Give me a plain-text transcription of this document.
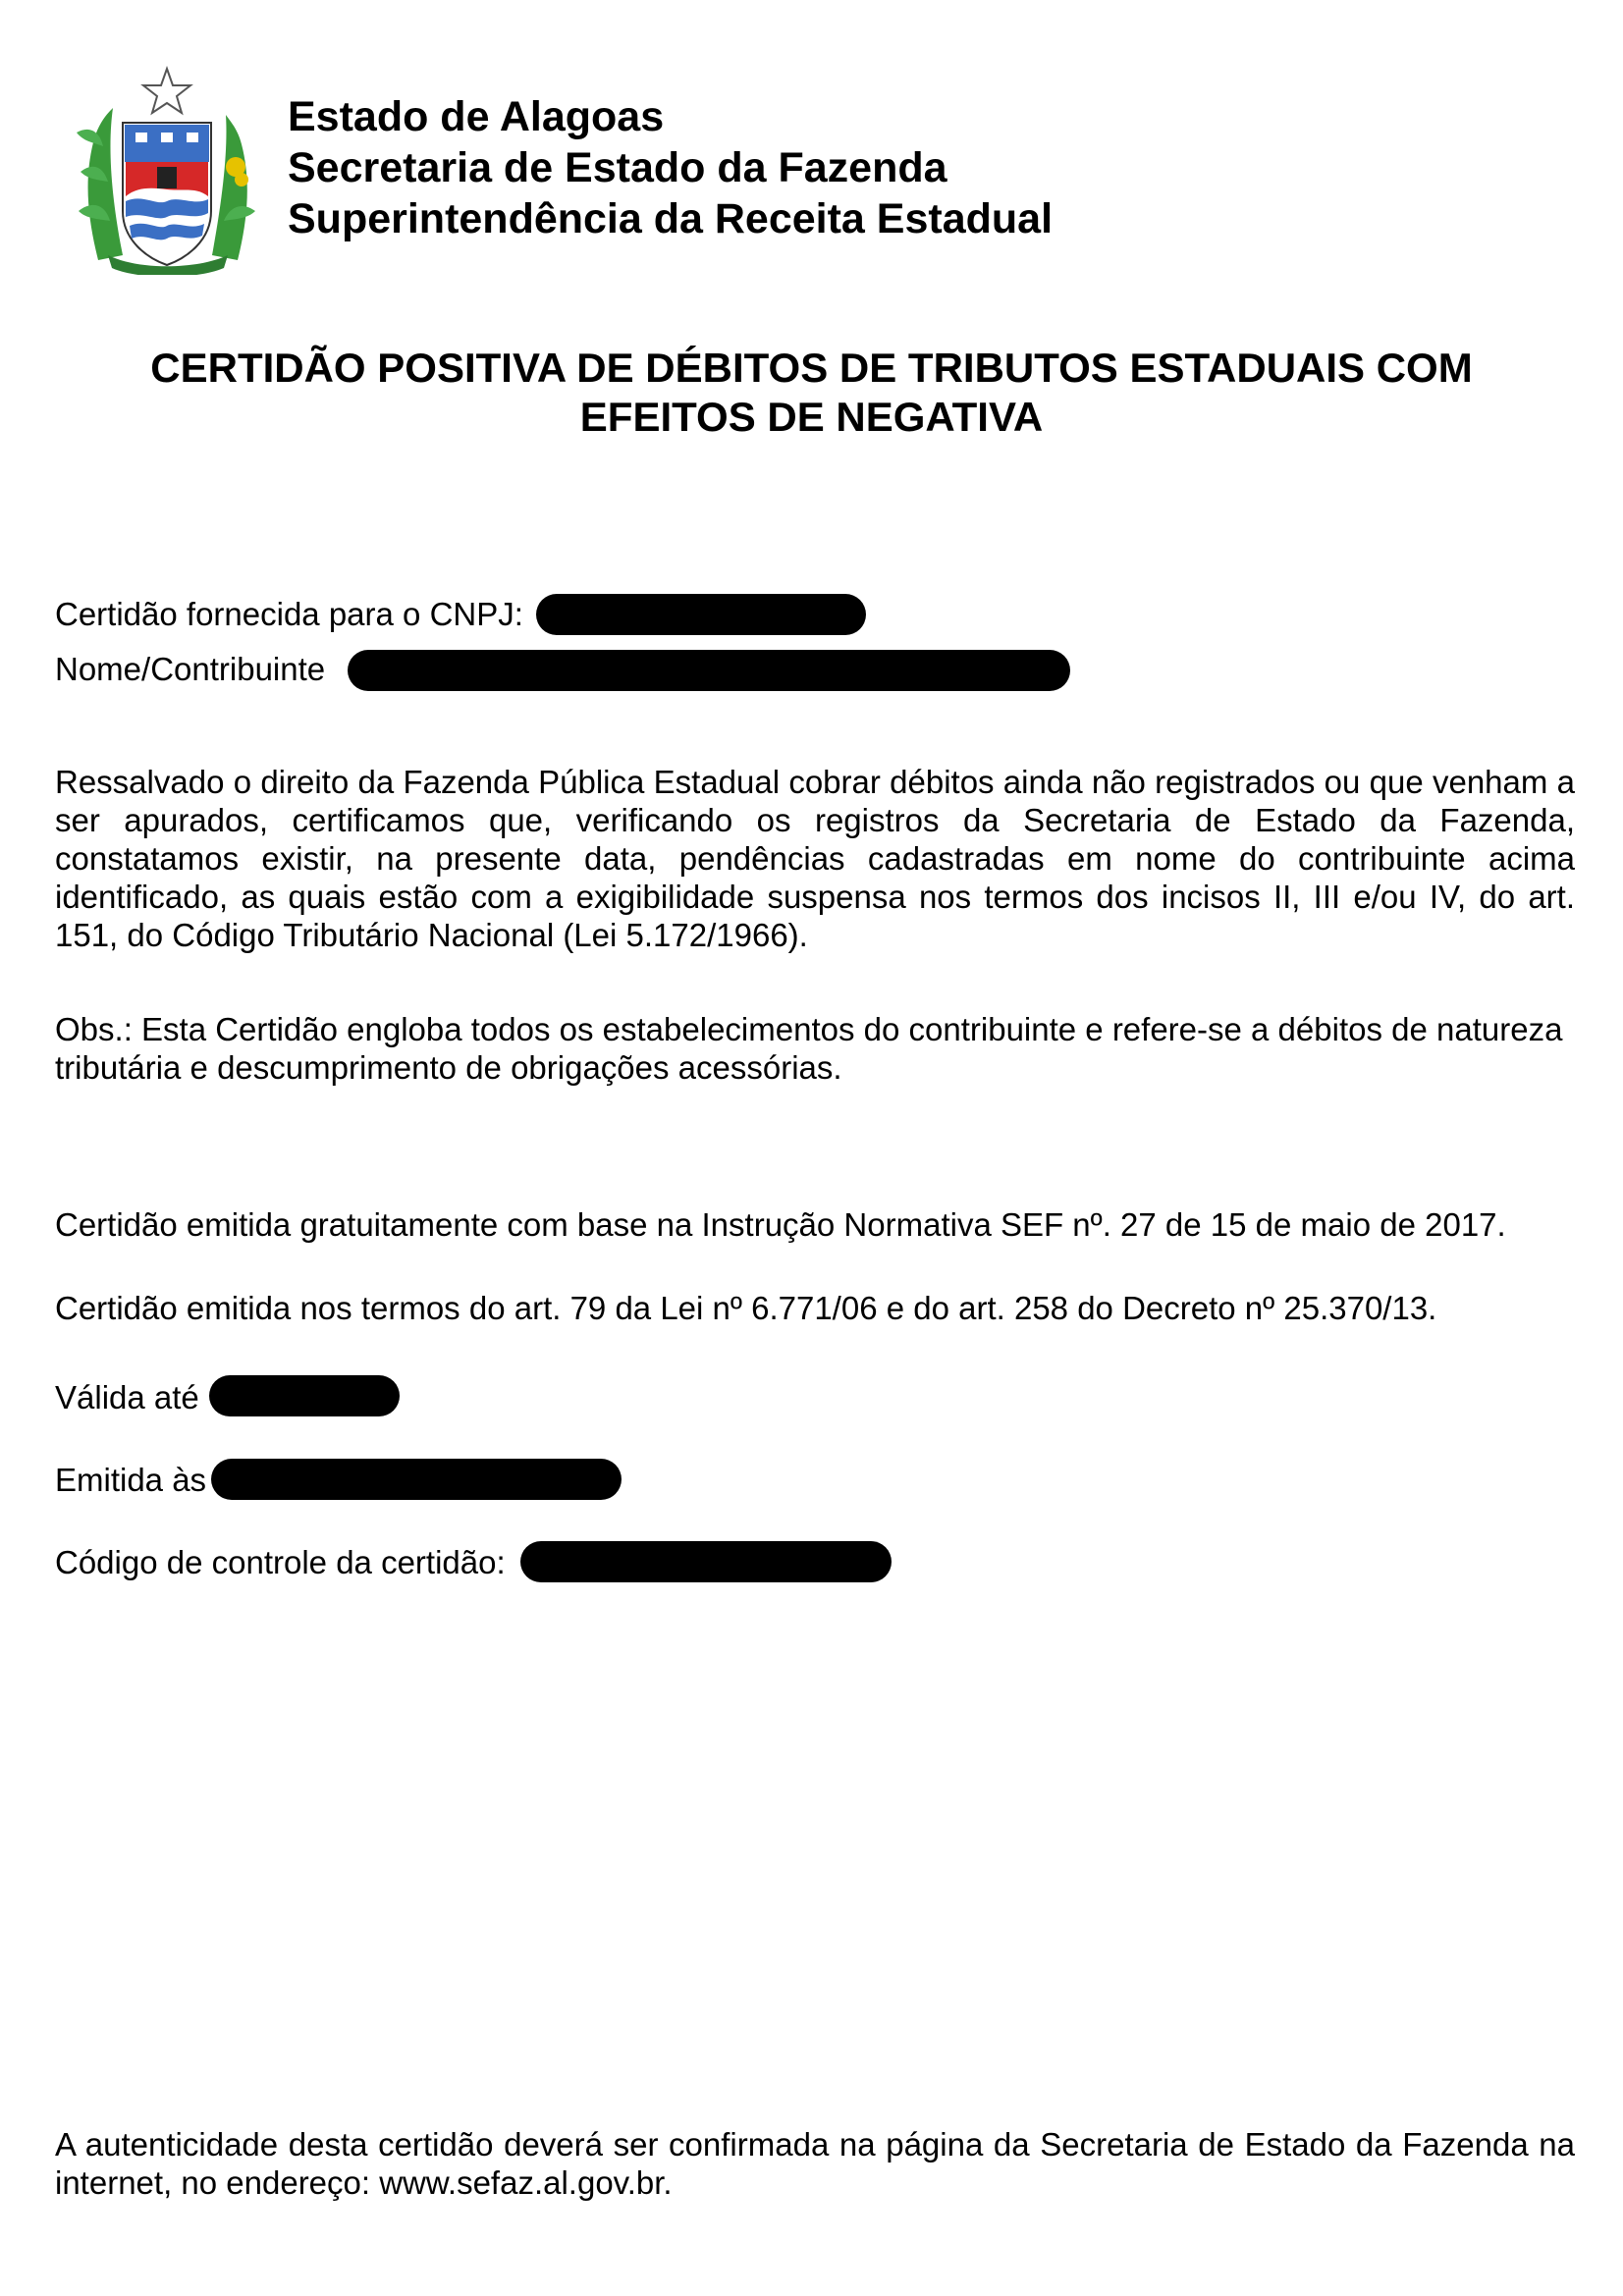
Estado de Alagoas
Secretaria de Estado da Fazenda
Superintendência da Receita Estadual
CERTIDÃO POSITIVA DE DÉBITOS DE TRIBUTOS ESTADUAIS COM
EFEITOS DE NEGATIVA
Certidão fornecida para o CNPJ:
Nome/Contribuinte
Ressalvado o direito da Fazenda Pública Estadual cobrar débitos ainda não registrados ou que venham a ser apurados, certificamos que, verificando os registros da Secretaria de Estado da Fazenda, constatamos existir, na presente data, pendências cadastradas em nome do contribuinte acima identificado, as quais estão com a exigibilidade suspensa nos termos dos incisos II, III e/ou IV, do art. 151, do Código Tributário Nacional (Lei 5.172/1966).
Obs.: Esta Certidão engloba todos os estabelecimentos do contribuinte e refere-se a débitos de natureza tributária e descumprimento de obrigações acessórias.
Certidão emitida gratuitamente com base na Instrução Normativa SEF nº. 27 de 15 de maio de 2017.
Certidão emitida nos termos do art. 79 da Lei nº 6.771/06 e do art. 258 do Decreto nº 25.370/13.
Válida até
Emitida às
Código de controle da certidão:
A autenticidade desta certidão deverá ser confirmada na página da Secretaria de Estado da Fazenda na internet, no endereço: www.sefaz.al.gov.br.
